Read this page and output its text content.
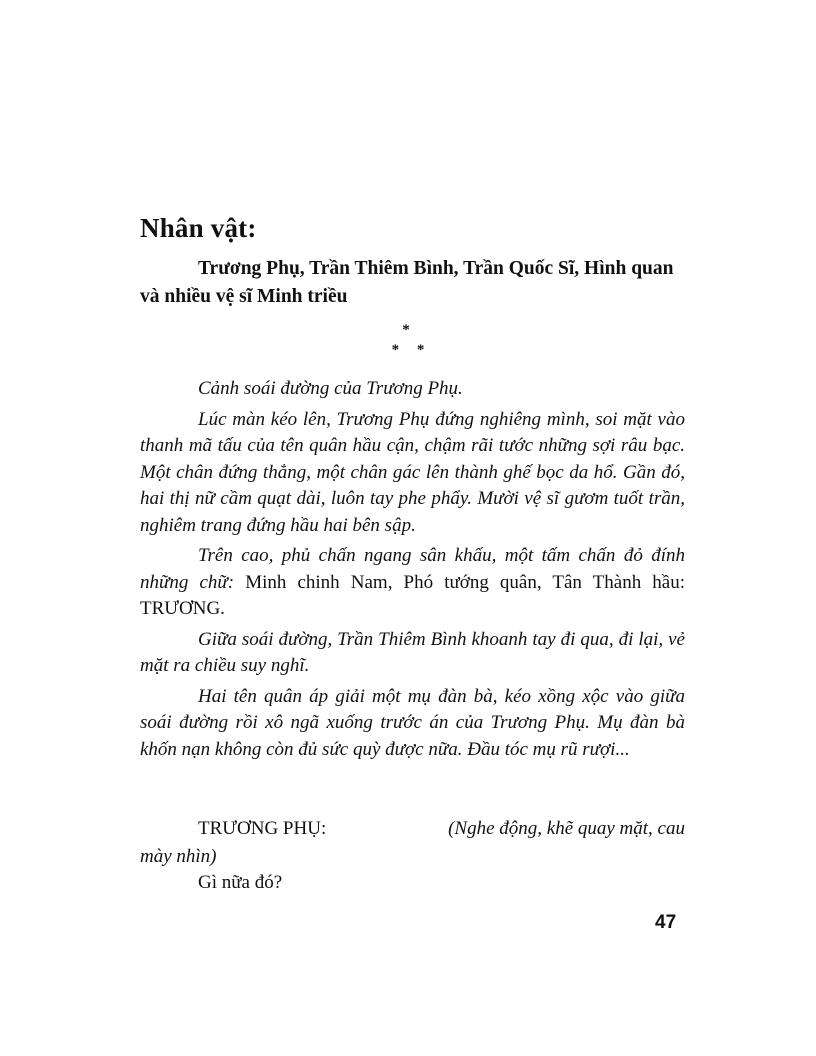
Nhân vật:

Trương Phụ, Trần Thiêm Bình, Trần Quốc Sĩ, Hình quan và nhiều vệ sĩ Minh triều

*
* *

Cảnh soái đường của Trương Phụ.

Lúc màn kéo lên, Trương Phụ đứng nghiêng mình, soi mặt vào thanh mã tấu của tên quân hầu cận, chậm rãi tước những sợi râu bạc. Một chân đứng thẳng, một chân gác lên thành ghế bọc da hổ. Gần đó, hai thị nữ cầm quạt dài, luôn tay phe phẩy. Mười vệ sĩ gươm tuốt trần, nghiêm trang đứng hầu hai bên sập.

Trên cao, phủ chấn ngang sân khấu, một tấm chấn đỏ đính những chữ: Minh chinh Nam, Phó tướng quân, Tân Thành hầu: TRƯƠNG.

Giữa soái đường, Trần Thiêm Bình khoanh tay đi qua, đi lại, vẻ mặt ra chiều suy nghĩ.

Hai tên quân áp giải một mụ đàn bà, kéo xồng xộc vào giữa soái đường rồi xô ngã xuống trước án của Trương Phụ. Mụ đàn bà khốn nạn không còn đủ sức quỳ được nữa. Đầu tóc mụ rũ rượi...

TRƯƠNG PHỤ:	(Nghe động, khẽ quay mặt, cau
mày nhìn)
Gì nữa đó?
47
